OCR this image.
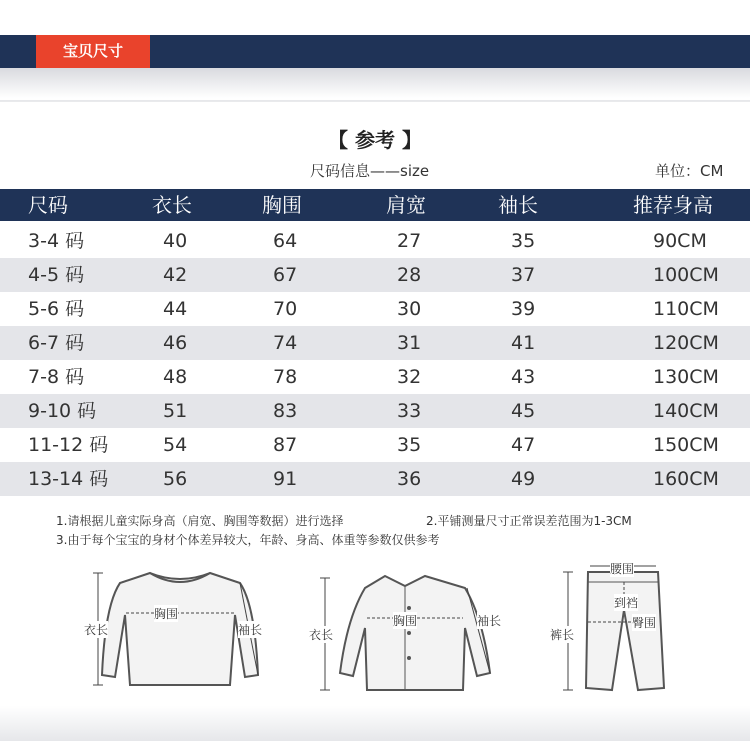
宝贝尺寸
【 参考 】
尺码信息——size	单位：CM
尺码	衣长	胸围	肩宽	袖长	推荐身高
3-4 码	40	64	27	35	90CM
4-5 码	42	67	28	37	100CM
5-6 码	44	70	30	39	110CM
6-7 码	46	74	31	41	120CM
7-8 码	48	78	32	43	130CM
9-10 码	51	83	33	45	140CM
11-12 码	54	87	35	47	150CM
13-14 码	56	91	36	49	160CM
1.请根据儿童实际身高（肩宽、胸围等数据）进行选择	2.平铺测量尺寸正常误差范围为1-3CM
3.由于每个宝宝的身材个体差异较大，年龄、身高、体重等参数仅供参考
衣长
胸围
袖长	衣长
胸围	袖长
腰围
到裆
裤长
臀围
